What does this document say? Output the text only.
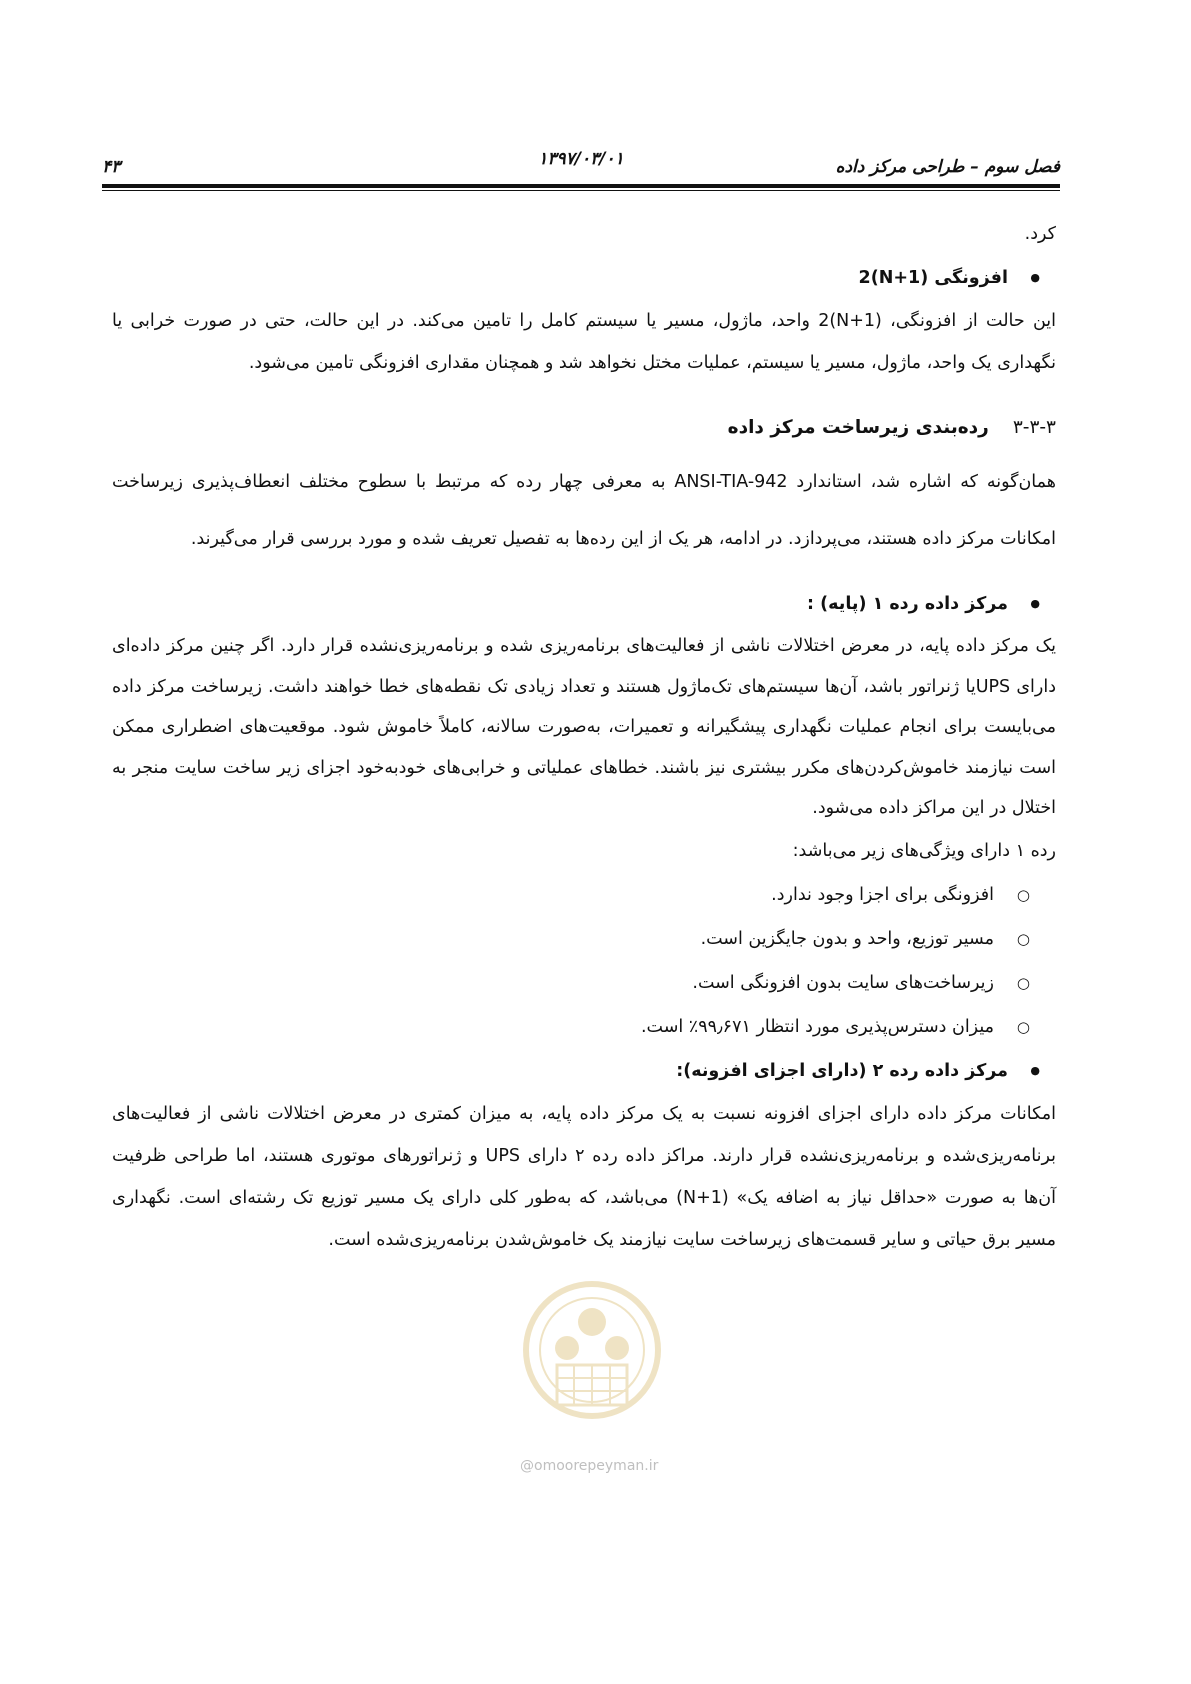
فصل سوم – طراحی مرکز داده
۱۳۹۷/۰۳/۰۱
۴۳

کرد.

● افزونگی (N+1)2

این حالت از افزونگی، (N+1)2 واحد، ماژول، مسیر یا سیستم کامل را تامین می‌کند. در این حالت، حتی در صورت خرابی یا نگهداری یک واحد، ماژول، مسیر یا سیستم، عملیات مختل نخواهد شد و همچنان مقداری افزونگی تامین می‌شود.

۳-۳-۳رده‌بندی زیرساخت مرکز داده

همان‌گونه که اشاره شد، استاندارد ANSI-TIA-942 به معرفی چهار رده که مرتبط با سطوح مختلف انعطاف‌پذیری زیرساخت امکانات مرکز داده هستند، می‌پردازد. در ادامه، هر یک از این رده‌ها به تفصیل تعریف شده و مورد بررسی قرار می‌گیرند.

● مرکز داده رده ۱ (پایه) :

یک مرکز داده پایه، در معرض اختلالات ناشی از فعالیت‌های برنامه‌ریزی شده و برنامه‌ریزی‌نشده قرار دارد. اگر چنین مرکز داده‌ای دارای UPSیا ژنراتور باشد، آن‌ها سیستم‌های تک‌ماژول هستند و تعداد زیادی تک نقطه‌های خطا خواهند داشت. زیرساخت مرکز داده می‌بایست برای انجام عملیات نگهداری پیشگیرانه و تعمیرات، به‌صورت سالانه، کاملاً خاموش شود. موقعیت‌های اضطراری ممکن است نیازمند خاموش‌کردن‌های مکرر بیشتری نیز باشند. خطاهای عملیاتی و خرابی‌های خودبه‌خود اجزای زیر ساخت سایت منجر به اختلال در این مراکز داده می‌شود.

رده ۱ دارای ویژگی‌های زیر می‌باشد:

○ افزونگی برای اجزا وجود ندارد.

○ مسیر توزیع، واحد و بدون جایگزین است.

○ زیرساخت‌های سایت بدون افزونگی است.

○ میزان دسترس‌پذیری مورد انتظار ۹۹٫۶۷۱٪ است.

● مرکز داده رده ۲ (دارای اجزای افزونه):

امکانات مرکز داده دارای اجزای افزونه نسبت به یک مرکز داده پایه، به میزان کمتری در معرض اختلالات ناشی از فعالیت‌های برنامه‌ریزی‌شده و برنامه‌ریزی‌نشده قرار دارند. مراکز داده رده ۲ دارای UPS و ژنراتورهای موتوری هستند، اما طراحی ظرفیت آن‌ها به صورت «حداقل نیاز به اضافه یک» (N+1) می‌باشد، که به‌طور کلی دارای یک مسیر توزیع تک رشته‌ای است. نگهداری مسیر برق حیاتی و سایر قسمت‌های زیرساخت سایت نیازمند یک خاموش‌شدن برنامه‌ریزی‌شده است.

@omoorepeyman.ir
